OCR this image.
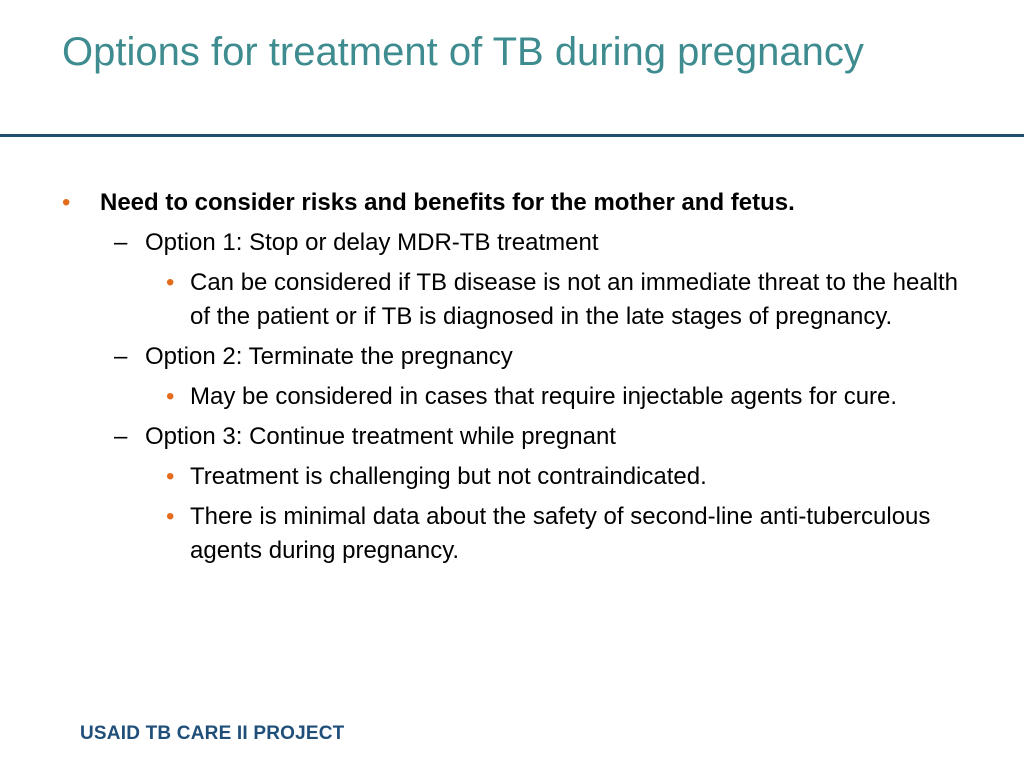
Options for treatment of TB during pregnancy
• Need to consider risks and benefits for the mother and fetus.
– Option 1: Stop or delay MDR-TB treatment
• Can be considered if TB disease is not an immediate threat to the health of the patient or if TB is diagnosed in the late stages of pregnancy.
– Option 2: Terminate the pregnancy
• May be considered in cases that require injectable agents for cure.
– Option 3: Continue treatment while pregnant
• Treatment is challenging but not contraindicated.
• There is minimal data about the safety of second-line anti-tuberculous agents during pregnancy.
USAID TB CARE II PROJECT
